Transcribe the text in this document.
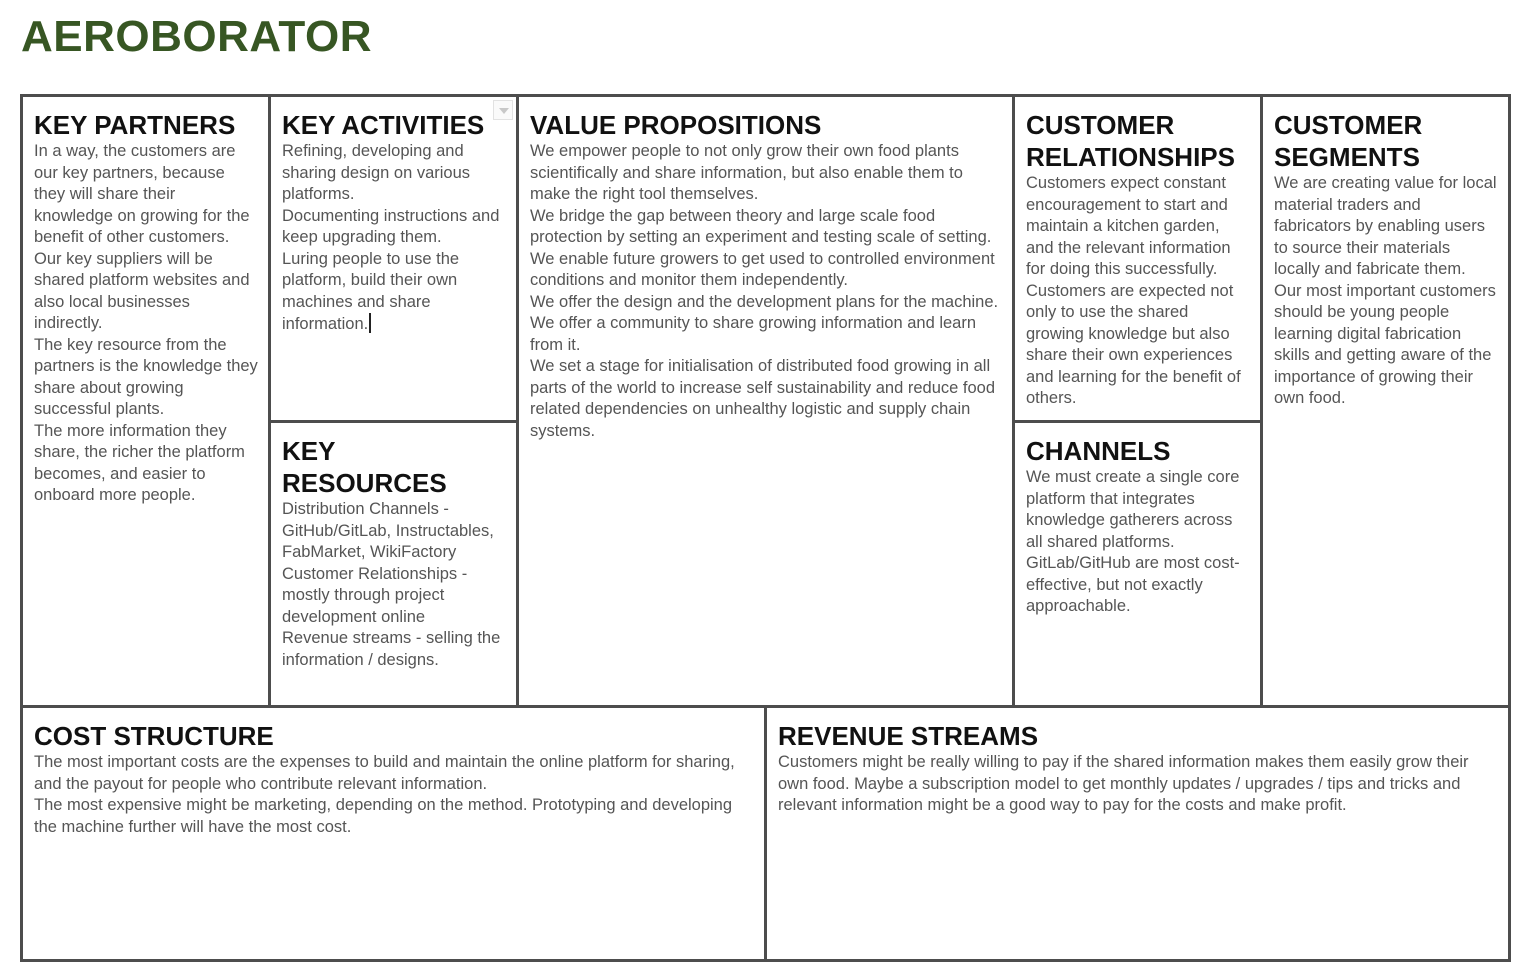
AEROBORATOR
KEY PARTNERS

In a way, the customers are our key partners, because they will share their knowledge on growing for the benefit of other customers.

Our key suppliers will be shared platform websites and also local businesses indirectly.

The key resource from the partners is the knowledge they share about growing successful plants.

The more information they share, the richer the platform becomes, and easier to onboard more people.

KEY ACTIVITIES

Refining, developing and sharing design on various platforms.

Documenting instructions and keep upgrading them.

Luring people to use the platform, build their own machines and share information.

KEY RESOURCES

Distribution Channels - GitHub/GitLab, Instructables, FabMarket, WikiFactory

Customer Relationships - mostly through project development online

Revenue streams - selling the information / designs.

VALUE PROPOSITIONS

We empower people to not only grow their own food plants scientifically and share information, but also enable them to make the right tool themselves.

We bridge the gap between theory and large scale food protection by setting an experiment and testing scale of setting.

We enable future growers to get used to controlled environment conditions and monitor them independently.

We offer the design and the development plans for the machine.

We offer a community to share growing information and learn from it.

We set a stage for initialisation of distributed food growing in all parts of the world to increase self sustainability and reduce food related dependencies on unhealthy logistic and supply chain systems.

CUSTOMER
RELATIONSHIPS

Customers expect constant encouragement to start and maintain a kitchen garden, and the relevant information for doing this successfully.

Customers are expected not only to use the shared growing knowledge but also share their own experiences and learning for the benefit of others.

CHANNELS

We must create a single core platform that integrates knowledge gatherers across all shared platforms.

GitLab/GitHub are most cost-effective, but not exactly approachable.

CUSTOMER
SEGMENTS

We are creating value for local material traders and fabricators by enabling users to source their materials locally and fabricate them.

Our most important customers should be young people learning digital fabrication skills and getting aware of the importance of growing their own food.

COST STRUCTURE

The most important costs are the expenses to build and maintain the online platform for sharing, and the payout for people who contribute relevant information.

The most expensive might be marketing, depending on the method. Prototyping and developing the machine further will have the most cost.

REVENUE STREAMS

Customers might be really willing to pay if the shared information makes them easily grow their own food. Maybe a subscription model to get monthly updates / upgrades / tips and tricks and relevant information might be a good way to pay for the costs and make profit.
